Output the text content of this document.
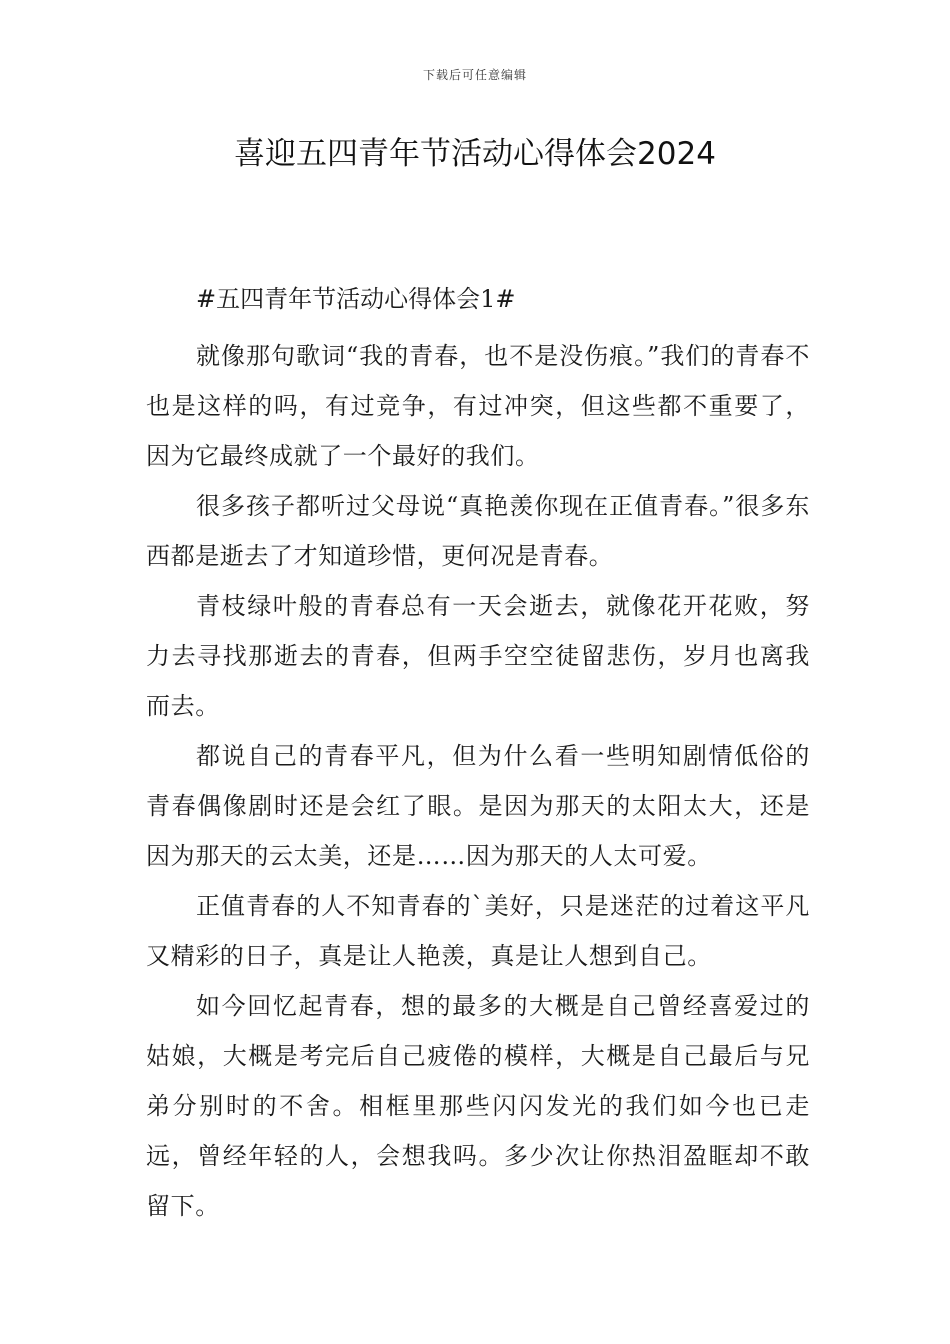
下载后可任意编辑
喜迎五四青年节活动心得体会2024

#五四青年节活动心得体会1#

就像那句歌词“我的青春，也不是没伤痕。”我们的青春不也是这样的吗，有过竞争，有过冲突，但这些都不重要了，因为它最终成就了一个最好的我们。

很多孩子都听过父母说“真艳羡你现在正值青春。”很多东西都是逝去了才知道珍惜，更何况是青春。

青枝绿叶般的青春总有一天会逝去，就像花开花败，努力去寻找那逝去的青春，但两手空空徒留悲伤，岁月也离我而去。

都说自己的青春平凡，但为什么看一些明知剧情低俗的青春偶像剧时还是会红了眼。是因为那天的太阳太大，还是因为那天的云太美，还是……因为那天的人太可爱。

正值青春的人不知青春的`美好，只是迷茫的过着这平凡又精彩的日子，真是让人艳羡，真是让人想到自己。

如今回忆起青春，想的最多的大概是自己曾经喜爱过的姑娘，大概是考完后自己疲倦的模样，大概是自己最后与兄弟分别时的不舍。相框里那些闪闪发光的我们如今也已走远，曾经年轻的人，会想我吗。多少次让你热泪盈眶却不敢留下。
